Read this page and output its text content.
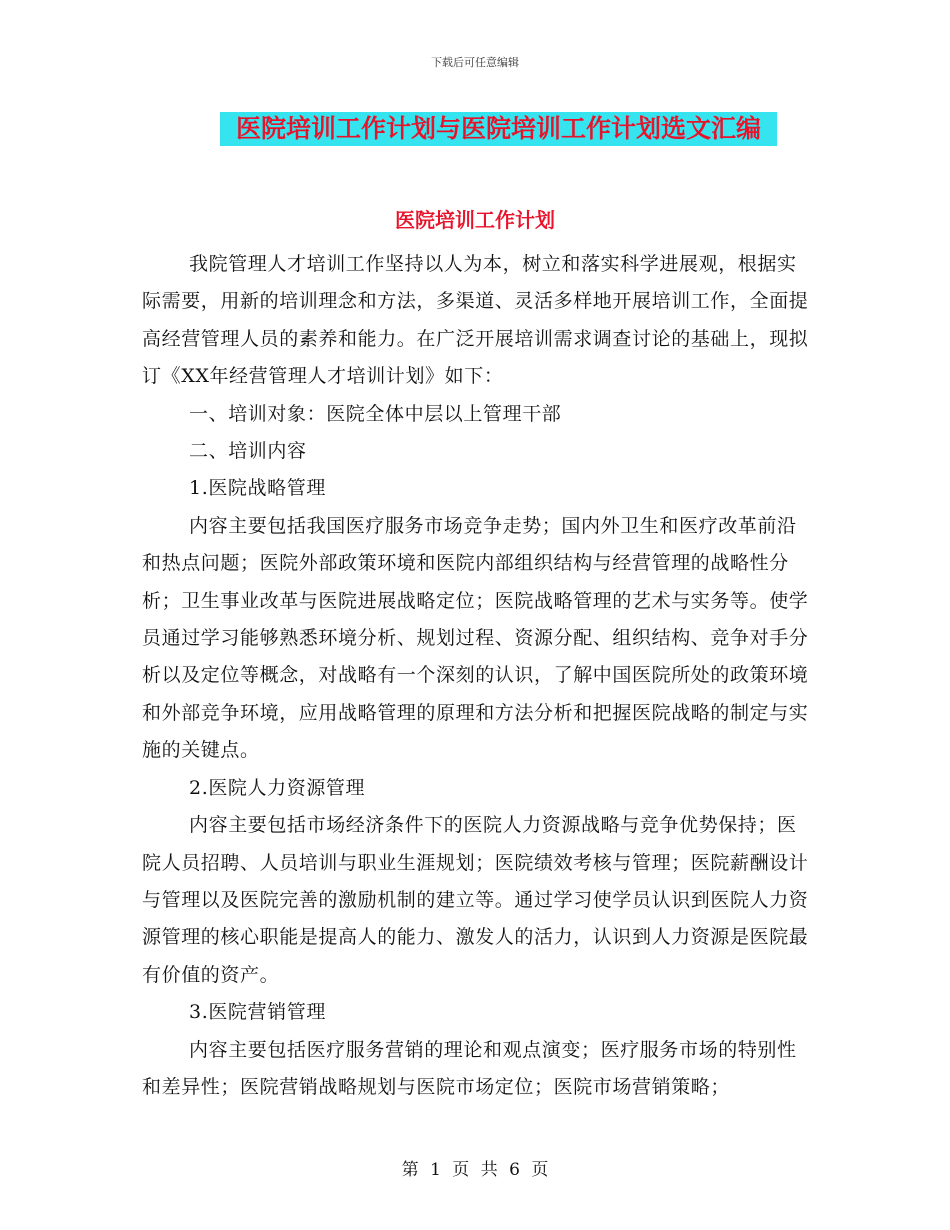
下载后可任意编辑
医院培训工作计划与医院培训工作计划选文汇编
医院培训工作计划

我院管理人才培训工作坚持以人为本，树立和落实科学进展观，根据实际需要，用新的培训理念和方法，多渠道、灵活多样地开展培训工作，全面提高经营管理人员的素养和能力。在广泛开展培训需求调查讨论的基础上，现拟订《XX年经营管理人才培训计划》如下：

一、培训对象：医院全体中层以上管理干部

二、培训内容

1.医院战略管理

内容主要包括我国医疗服务市场竞争走势；国内外卫生和医疗改革前沿和热点问题；医院外部政策环境和医院内部组织结构与经营管理的战略性分析；卫生事业改革与医院进展战略定位；医院战略管理的艺术与实务等。使学员通过学习能够熟悉环境分析、规划过程、资源分配、组织结构、竞争对手分析以及定位等概念，对战略有一个深刻的认识，了解中国医院所处的政策环境和外部竞争环境，应用战略管理的原理和方法分析和把握医院战略的制定与实施的关键点。

2.医院人力资源管理

内容主要包括市场经济条件下的医院人力资源战略与竞争优势保持；医院人员招聘、人员培训与职业生涯规划；医院绩效考核与管理；医院薪酬设计与管理以及医院完善的激励机制的建立等。通过学习使学员认识到医院人力资源管理的核心职能是提高人的能力、激发人的活力，认识到人力资源是医院最有价值的资产。

3.医院营销管理

内容主要包括医疗服务营销的理论和观点演变；医疗服务市场的特别性和差异性；医院营销战略规划与医院市场定位；医院市场营销策略；

第 1 页 共 6 页
